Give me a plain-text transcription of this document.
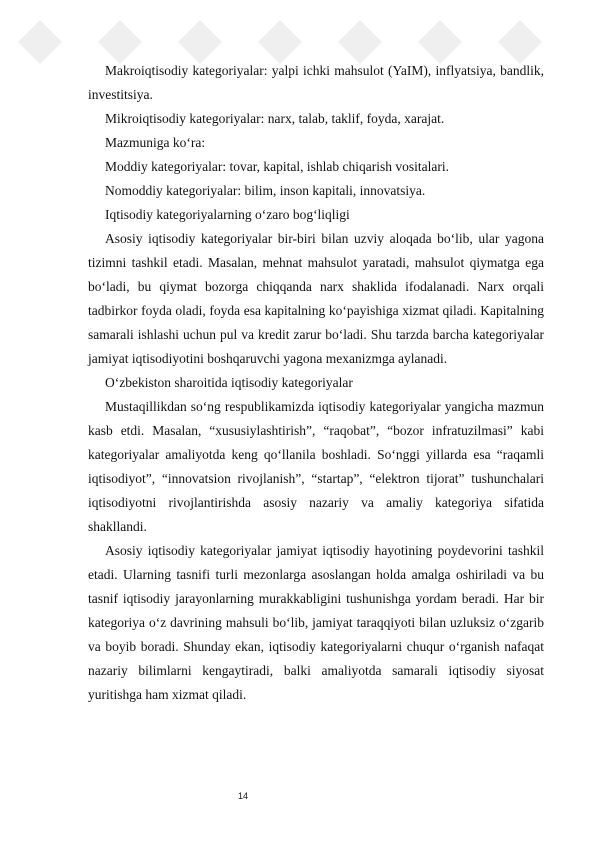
Makroiqtisodiy kategoriyalar: yalpi ichki mahsulot (YaIM), inflyatsiya, bandlik, investitsiya.

Mikroiqtisodiy kategoriyalar: narx, talab, taklif, foyda, xarajat.

Mazmuniga ko‘ra:

Moddiy kategoriyalar: tovar, kapital, ishlab chiqarish vositalari.

Nomoddiy kategoriyalar: bilim, inson kapitali, innovatsiya.

Iqtisodiy kategoriyalarning o‘zaro bog‘liqligi

Asosiy iqtisodiy kategoriyalar bir-biri bilan uzviy aloqada bo‘lib, ular yagona tizimni tashkil etadi. Masalan, mehnat mahsulot yaratadi, mahsulot qiymatga ega bo‘ladi, bu qiymat bozorga chiqqanda narx shaklida ifodalanadi. Narx orqali tadbirkor foyda oladi, foyda esa kapitalning ko‘payishiga xizmat qiladi. Kapitalning samarali ishlashi uchun pul va kredit zarur bo‘ladi. Shu tarzda barcha kategoriyalar jamiyat iqtisodiyotini boshqaruvchi yagona mexanizmga aylanadi.

O‘zbekiston sharoitida iqtisodiy kategoriyalar

Mustaqillikdan so‘ng respublikamizda iqtisodiy kategoriyalar yangicha mazmun kasb etdi. Masalan, “xususiylashtirish”, “raqobat”, “bozor infratuzilmasi” kabi kategoriyalar amaliyotda keng qo‘llanila boshladi. So‘nggi yillarda esa “raqamli iqtisodiyot”, “innovatsion rivojlanish”, “startap”, “elektron tijorat” tushunchalari iqtisodiyotni rivojlantirishda asosiy nazariy va amaliy kategoriya sifatida shakllandi.

Asosiy iqtisodiy kategoriyalar jamiyat iqtisodiy hayotining poydevorini tashkil etadi. Ularning tasnifi turli mezonlarga asoslangan holda amalga oshiriladi va bu tasnif iqtisodiy jarayonlarning murakkabligini tushunishga yordam beradi. Har bir kategoriya o‘z davrining mahsuli bo‘lib, jamiyat taraqqiyoti bilan uzluksiz o‘zgarib va boyib boradi. Shunday ekan, iqtisodiy kategoriyalarni chuqur o‘rganish nafaqat nazariy bilimlarni kengaytiradi, balki amaliyotda samarali iqtisodiy siyosat yuritishga ham xizmat qiladi.

14
